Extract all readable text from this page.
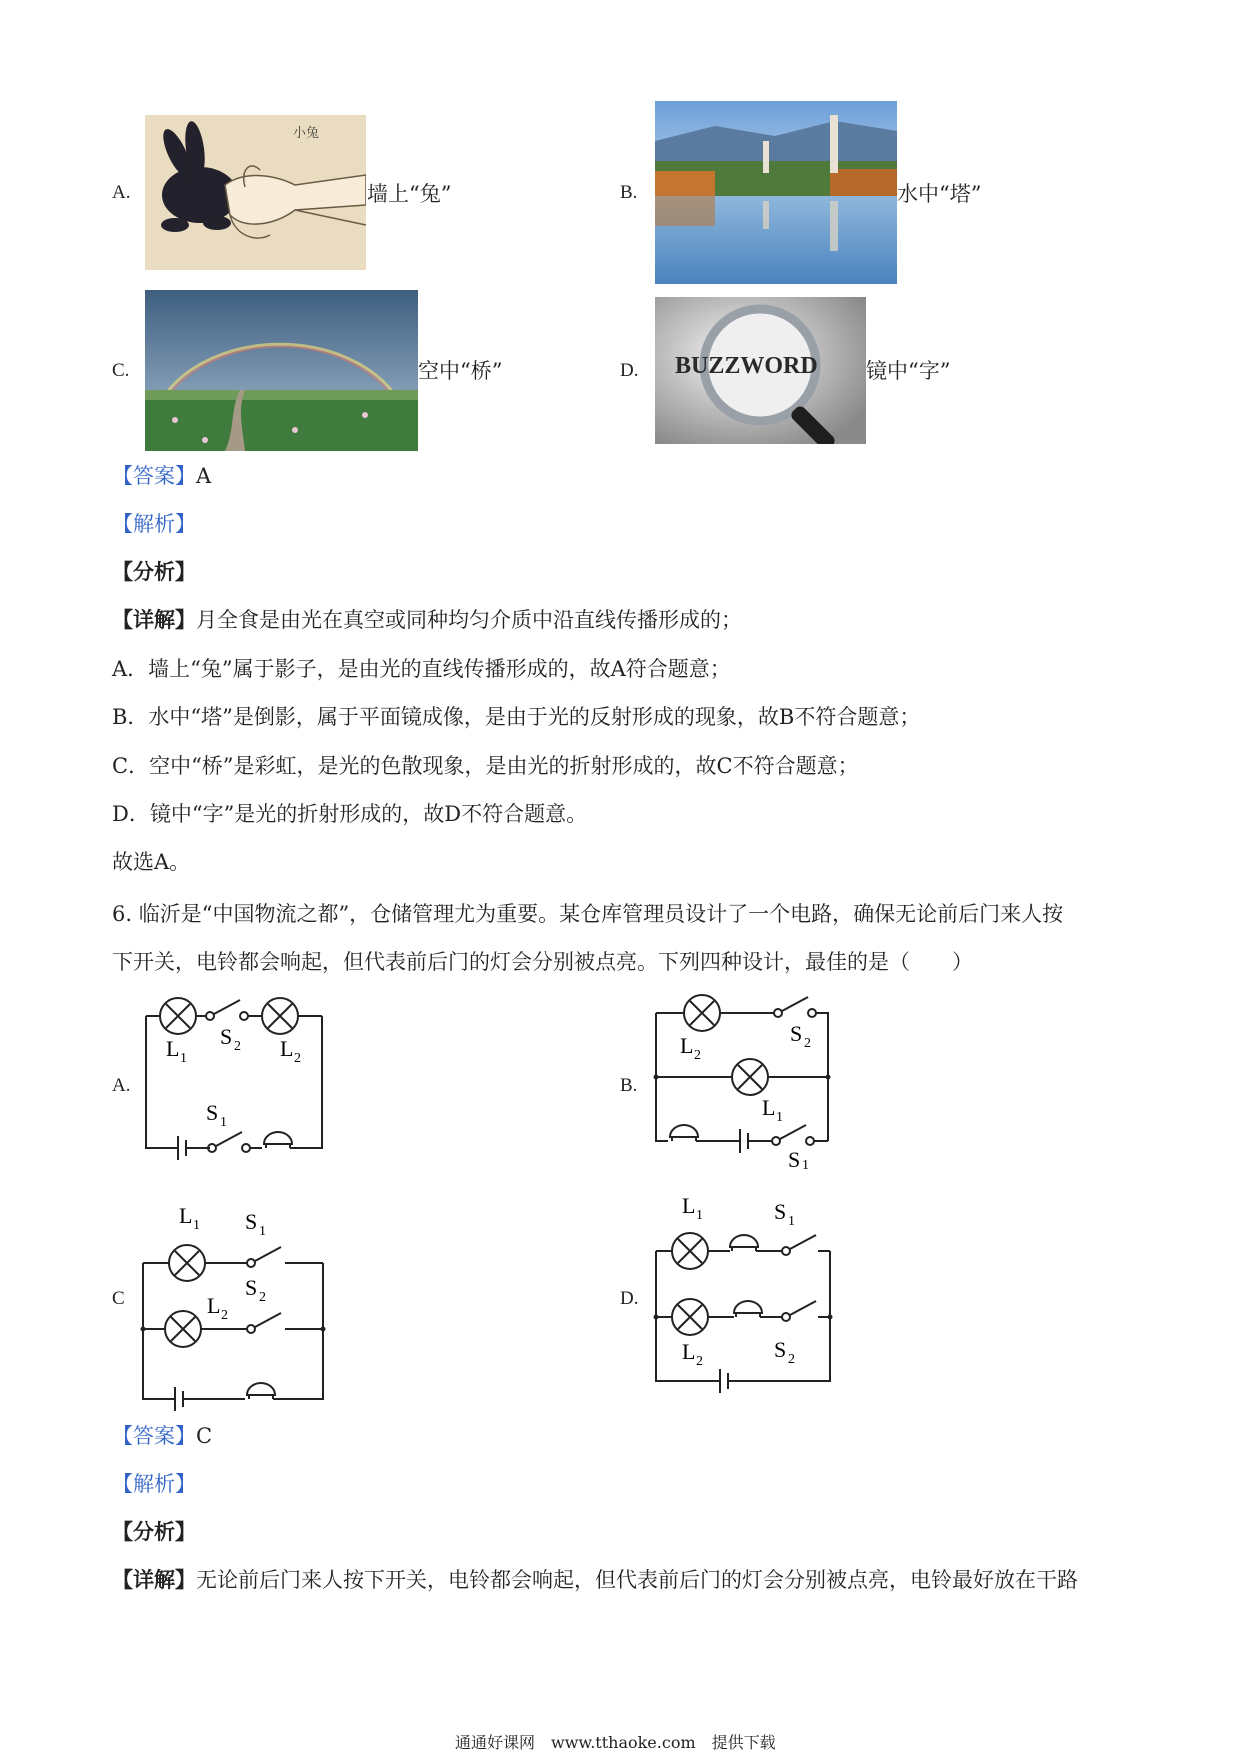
A.
小兔
墙上“兔”	B.	水中“塔”
C.	空中“桥”	D. BUZZWORD 镜中“字”
【答案】A
【解析】
【分析】
【详解】月全食是由光在真空或同种均匀介质中沿直线传播形成的；
A．墙上“兔”属于影子，是由光的直线传播形成的，故A符合题意；
B．水中“塔”是倒影，属于平面镜成像，是由于光的反射形成的现象，故B不符合题意；
C．空中“桥”是彩虹，是光的色散现象，是由光的折射形成的，故C不符合题意；
D．镜中“字”是光的折射形成的，故D不符合题意。
故选A。
6. 临沂是“中国物流之都”，仓储管理尤为重要。某仓库管理员设计了一个电路，确保无论前后门来人按
下开关，电铃都会响起，但代表前后门的灯会分别被点亮。下列四种设计，最佳的是（　　）
A.
L 1
S 2 L 2
S 1
B.
L 2
S 2
L 1
S 1
C
L 1 S 1
L 2
S 2	D.
L 1	S 1
S 2
L 2
【答案】C
【解析】
【分析】
【详解】无论前后门来人按下开关，电铃都会响起，但代表前后门的灯会分别被点亮，电铃最好放在干路
通通好课网　www.tthaoke.com　提供下载
